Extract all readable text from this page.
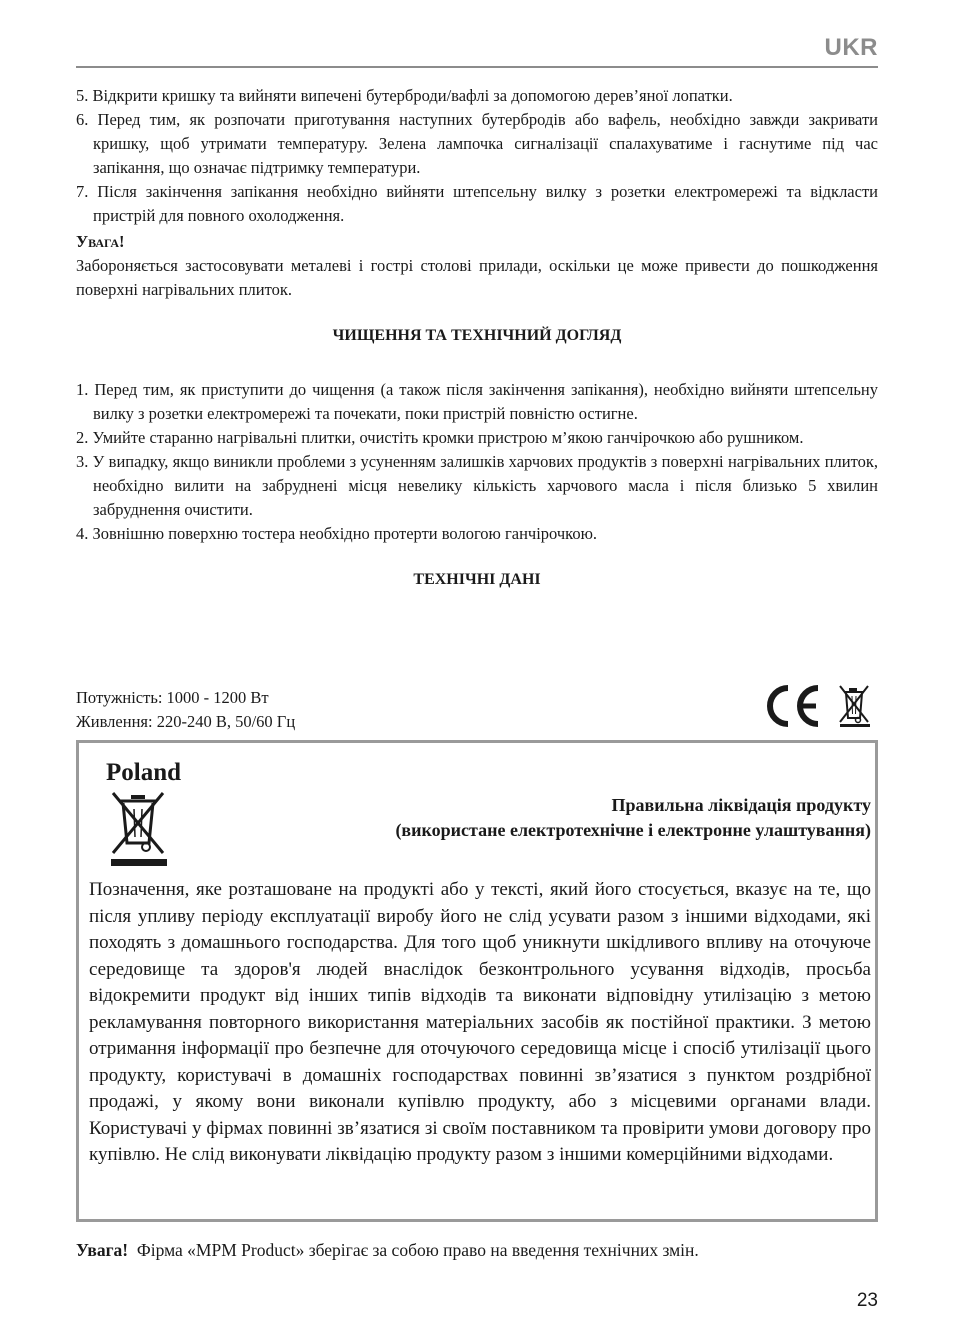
UKR

5. Відкрити кришку та вийняти випечені бутерброди/вафлі за допомогою дерев’яної лопатки.

6. Перед тим, як розпочати приготування наступних бутербродів або вафель, необхідно завжди закривати кришку, щоб утримати температуру. Зелена лампочка сигналізації спалахуватиме і гаснутиме під час запікання, що означає підтримку температури.

7. Після закінчення запікання необхідно вийняти штепсельну вилку з розетки електромережі та відкласти пристрій для повного охолодження.

Увага!

Забороняється застосовувати металеві і гострі столові прилади, оскільки це може привести до пошкодження поверхні нагрівальних плиток.

ЧИЩЕННЯ ТА ТЕХНІЧНИЙ ДОГЛЯД

1. Перед тим, як приступити до чищення (а також після закінчення запікання), необхідно вийняти штепсельну вилку з розетки електромережі та почекати, поки пристрій повністю остигне.

2. Умийте старанно нагрівальні плитки, очистіть кромки пристрою м’якою ганчірочкою або рушником.

3. У випадку, якщо виникли проблеми з усуненням залишків харчових продуктів з поверхні нагрівальних плиток, необхідно вилити на забруднені місця невелику кількість харчового масла і після близько 5 хвилин забруднення очистити.

4. Зовнішню поверхню тостера необхідно протерти вологою ганчірочкою.

ТЕХНІЧНІ ДАНІ

Потужність: 1000 - 1200 Вт
Живлення: 220-240 В, 50/60 Гц
Poland
Правильна ліквідація продукту
(використане електротехнічне і електронне улаштування)
Позначення, яке розташоване на продукті або у тексті, який його стосується, вказує на те, що після упливу періоду експлуатації виробу його не слід усувати разом з іншими відходами, які походять з домашнього господарства. Для того щоб уникнути шкідливого впливу на оточуюче середовище та здоров'я людей внаслідок безконтрольного усування відходів, просьба відокремити продукт від інших типів відходів та виконати відповідну утилізацію з метою рекламування повторного використання матеріальних засобів як постійної практики. З метою отримання інформації про безпечне для оточуючого середовища місце і спосіб утилізації цього продукту, користувачі в домашніх господарствах повинні зв’язатися з пунктом роздрібної продажі, у якому вони виконали купівлю продукту, або з місцевими органами влади. Користувачі у фірмах повинні зв’язатися зі своїм поставником та провірити умови договору про купівлю. Не слід виконувати ліквідацію продукту разом з іншими комерційними відходами.
Увага! Фірма «MPM Product» зберігає за собою право на введення технічних змін.
23
